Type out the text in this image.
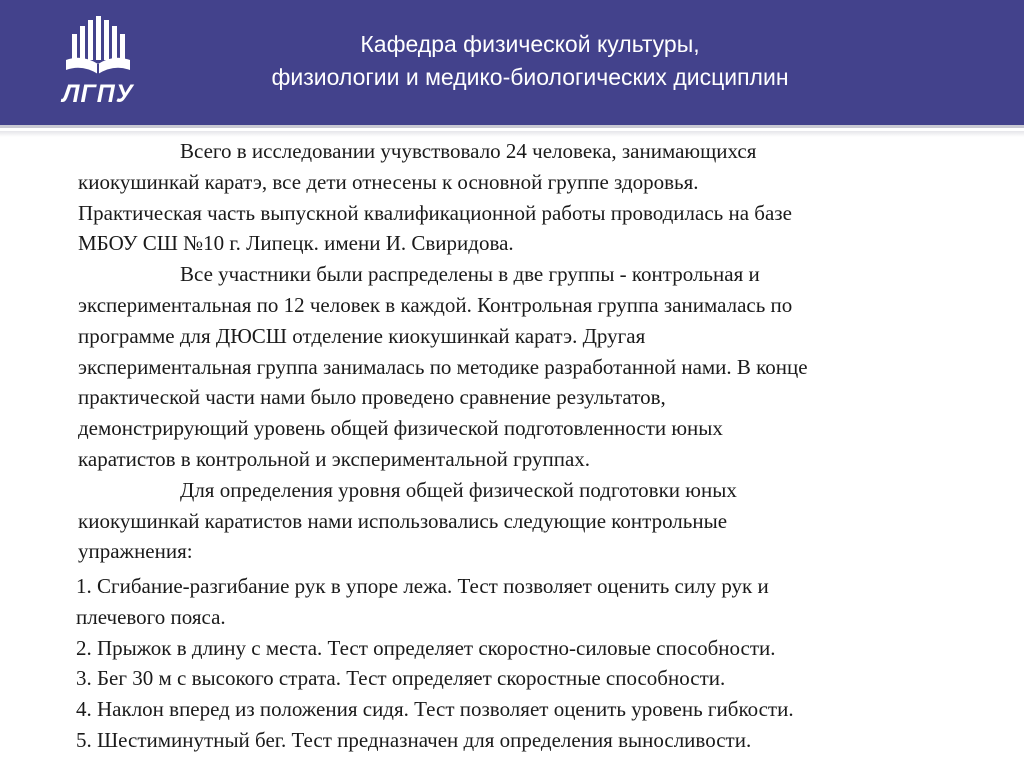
ЛГПУ
Кафедра физической культуры,
физиологии и медико-биологических дисциплин
Всего в исследовании учувствовало 24 человека, занимающихся
киокушинкай каратэ, все дети отнесены к основной группе здоровья.
Практическая часть выпускной квалификационной работы проводилась на базе
МБОУ СШ №10 г. Липецк. имени И. Свиридова.
Все участники были распределены в две группы - контрольная и
экспериментальная по 12 человек в каждой. Контрольная группа занималась по
программе для ДЮСШ отделение киокушинкай каратэ. Другая
экспериментальная группа занималась по методике разработанной нами. В конце
практической части нами было проведено сравнение результатов,
демонстрирующий уровень общей физической подготовленности юных
каратистов в контрольной и экспериментальной группах.
Для определения уровня общей физической подготовки юных
киокушинкай каратистов нами использовались следующие контрольные
упражнения:
1. Сгибание-разгибание рук в упоре лежа. Тест позволяет оценить силу рук и
плечевого пояса.
2. Прыжок в длину с места. Тест определяет скоростно-силовые способности.
3. Бег 30 м с высокого страта. Тест определяет скоростные способности.
4. Наклон вперед из положения сидя. Тест позволяет оценить уровень гибкости.
5. Шестиминутный бег. Тест предназначен для определения выносливости.
